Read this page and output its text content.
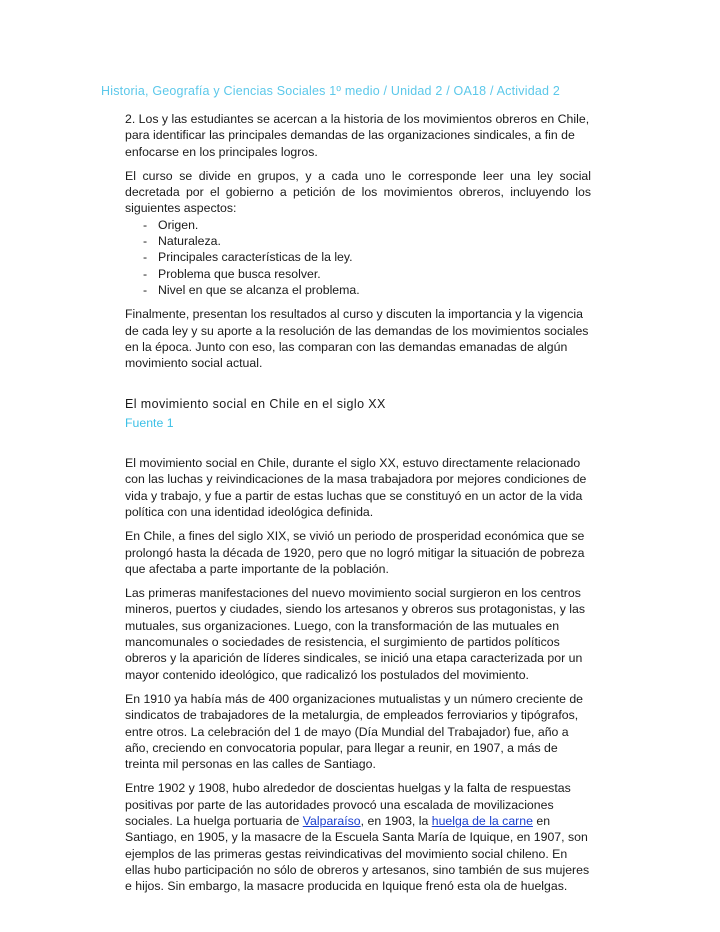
Historia, Geografía y Ciencias Sociales 1º medio / Unidad 2 / OA18 / Actividad 2

2. Los y las estudiantes se acercan a la historia de los movimientos obreros en Chile, para identificar las principales demandas de las organizaciones sindicales, a fin de enfocarse en los principales logros.

El curso se divide en grupos, y a cada uno le corresponde leer una ley social decretada por el gobierno a petición de los movimientos obreros, incluyendo los siguientes aspectos:

- Origen.
- Naturaleza.
- Principales características de la ley.
- Problema que busca resolver.
- Nivel en que se alcanza el problema.

Finalmente, presentan los resultados al curso y discuten la importancia y la vigencia de cada ley y su aporte a la resolución de las demandas de los movimientos sociales en la época. Junto con eso, las comparan con las demandas emanadas de algún movimiento social actual.

El movimiento social en Chile en el siglo XX
Fuente 1

El movimiento social en Chile, durante el siglo XX, estuvo directamente relacionado con las luchas y reivindicaciones de la masa trabajadora por mejores condiciones de vida y trabajo, y fue a partir de estas luchas que se constituyó en un actor de la vida política con una identidad ideológica definida.

En Chile, a fines del siglo XIX, se vivió un periodo de prosperidad económica que se prolongó hasta la década de 1920, pero que no logró mitigar la situación de pobreza que afectaba a parte importante de la población.

Las primeras manifestaciones del nuevo movimiento social surgieron en los centros mineros, puertos y ciudades, siendo los artesanos y obreros sus protagonistas, y las mutuales, sus organizaciones. Luego, con la transformación de las mutuales en mancomunales o sociedades de resistencia, el surgimiento de partidos políticos obreros y la aparición de líderes sindicales, se inició una etapa caracterizada por un mayor contenido ideológico, que radicalizó los postulados del movimiento.

En 1910 ya había más de 400 organizaciones mutualistas y un número creciente de sindicatos de trabajadores de la metalurgia, de empleados ferroviarios y tipógrafos, entre otros. La celebración del 1 de mayo (Día Mundial del Trabajador) fue, año a año, creciendo en convocatoria popular, para llegar a reunir, en 1907, a más de treinta mil personas en las calles de Santiago.

Entre 1902 y 1908, hubo alrededor de doscientas huelgas y la falta de respuestas positivas por parte de las autoridades provocó una escalada de movilizaciones sociales. La huelga portuaria de Valparaíso, en 1903, la huelga de la carne en Santiago, en 1905, y la masacre de la Escuela Santa María de Iquique, en 1907, son ejemplos de las primeras gestas reivindicativas del movimiento social chileno. En ellas hubo participación no sólo de obreros y artesanos, sino también de sus mujeres e hijos. Sin embargo, la masacre producida en Iquique frenó esta ola de huelgas.
